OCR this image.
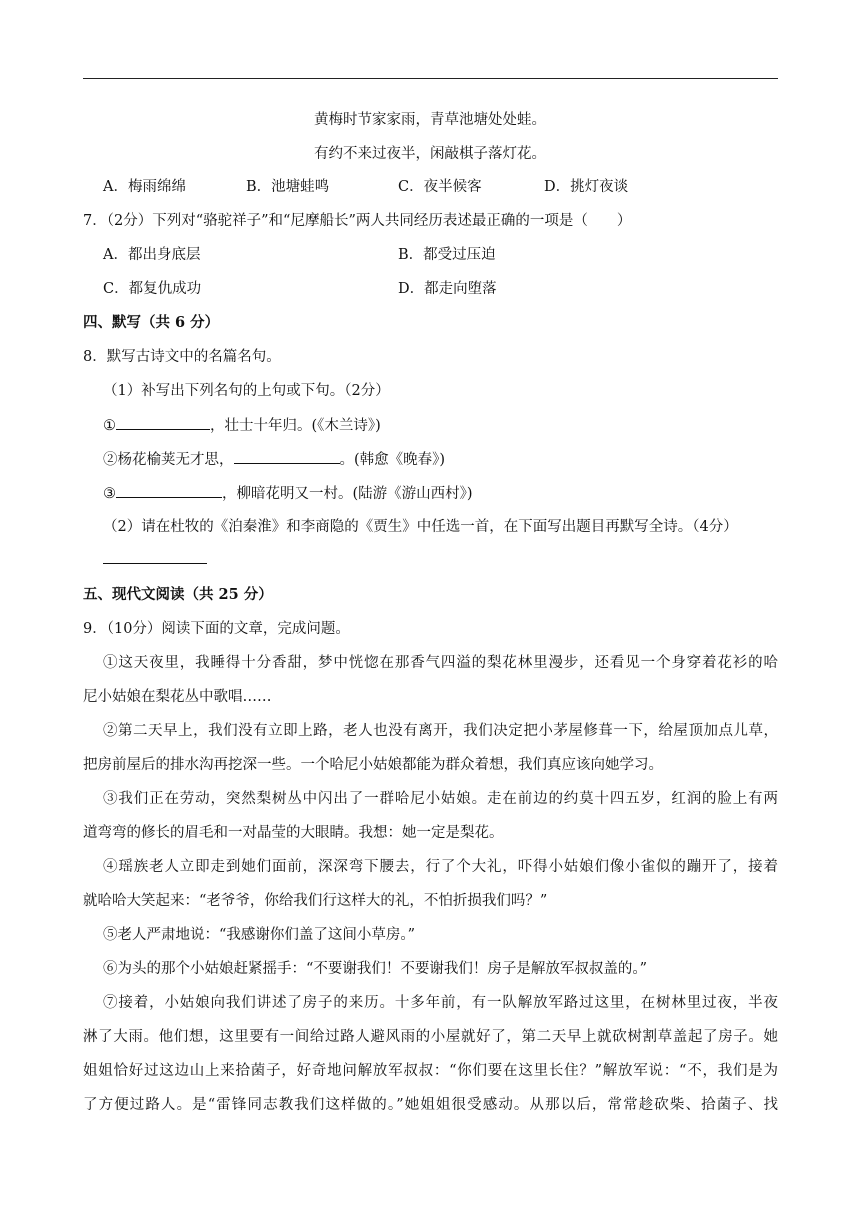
黄梅时节家家雨，青草池塘处处蛙。
有约不来过夜半，闲敲棋子落灯花。
A．梅雨绵绵	B．池塘蛙鸣	C．夜半候客	D．挑灯夜谈
7．（2分）下列对“骆驼祥子”和“尼摩船长”两人共同经历表述最正确的一项是（　　）
A．都出身底层	B．都受过压迫
C．都复仇成功	D．都走向堕落
四、默写（共 6 分）
8．默写古诗文中的名篇名句。
（1）补写出下列名句的上句或下句。（2分）
①	，壮士十年归。(《木兰诗》)
②杨花榆荚无才思，	。(韩愈《晚春》)
③	，柳暗花明又一村。(陆游《游山西村》)
（2）请在杜牧的《泊秦淮》和李商隐的《贾生》中任选一首，在下面写出题目再默写全诗。（4分）
五、现代文阅读（共 25 分）
9．（10分）阅读下面的文章，完成问题。
①这天夜里，我睡得十分香甜，梦中恍惚在那香气四溢的梨花林里漫步，还看见一个身穿着花衫的哈
尼小姑娘在梨花丛中歌唱……
②第二天早上，我们没有立即上路，老人也没有离开，我们决定把小茅屋修葺一下，给屋顶加点儿草，
把房前屋后的排水沟再挖深一些。一个哈尼小姑娘都能为群众着想，我们真应该向她学习。
③我们正在劳动，突然梨树丛中闪出了一群哈尼小姑娘。走在前边的约莫十四五岁，红润的脸上有两
道弯弯的修长的眉毛和一对晶莹的大眼睛。我想：她一定是梨花。
④瑶族老人立即走到她们面前，深深弯下腰去，行了个大礼，吓得小姑娘们像小雀似的蹦开了，接着
就哈哈大笑起来：“老爷爷，你给我们行这样大的礼，不怕折损我们吗？”
⑤老人严肃地说：“我感谢你们盖了这间小草房。”
⑥为头的那个小姑娘赶紧摇手：“不要谢我们！不要谢我们！房子是解放军叔叔盖的。”
⑦接着，小姑娘向我们讲述了房子的来历。十多年前，有一队解放军路过这里，在树林里过夜，半夜
淋了大雨。他们想，这里要有一间给过路人避风雨的小屋就好了，第二天早上就砍树割草盖起了房子。她
姐姐恰好过这边山上来拾菌子，好奇地问解放军叔叔：“你们要在这里长住？”解放军说：“不，我们是为
了方便过路人。是“雷锋同志教我们这样做的。”她姐姐很受感动。从那以后，常常趁砍柴、拾菌子、找
